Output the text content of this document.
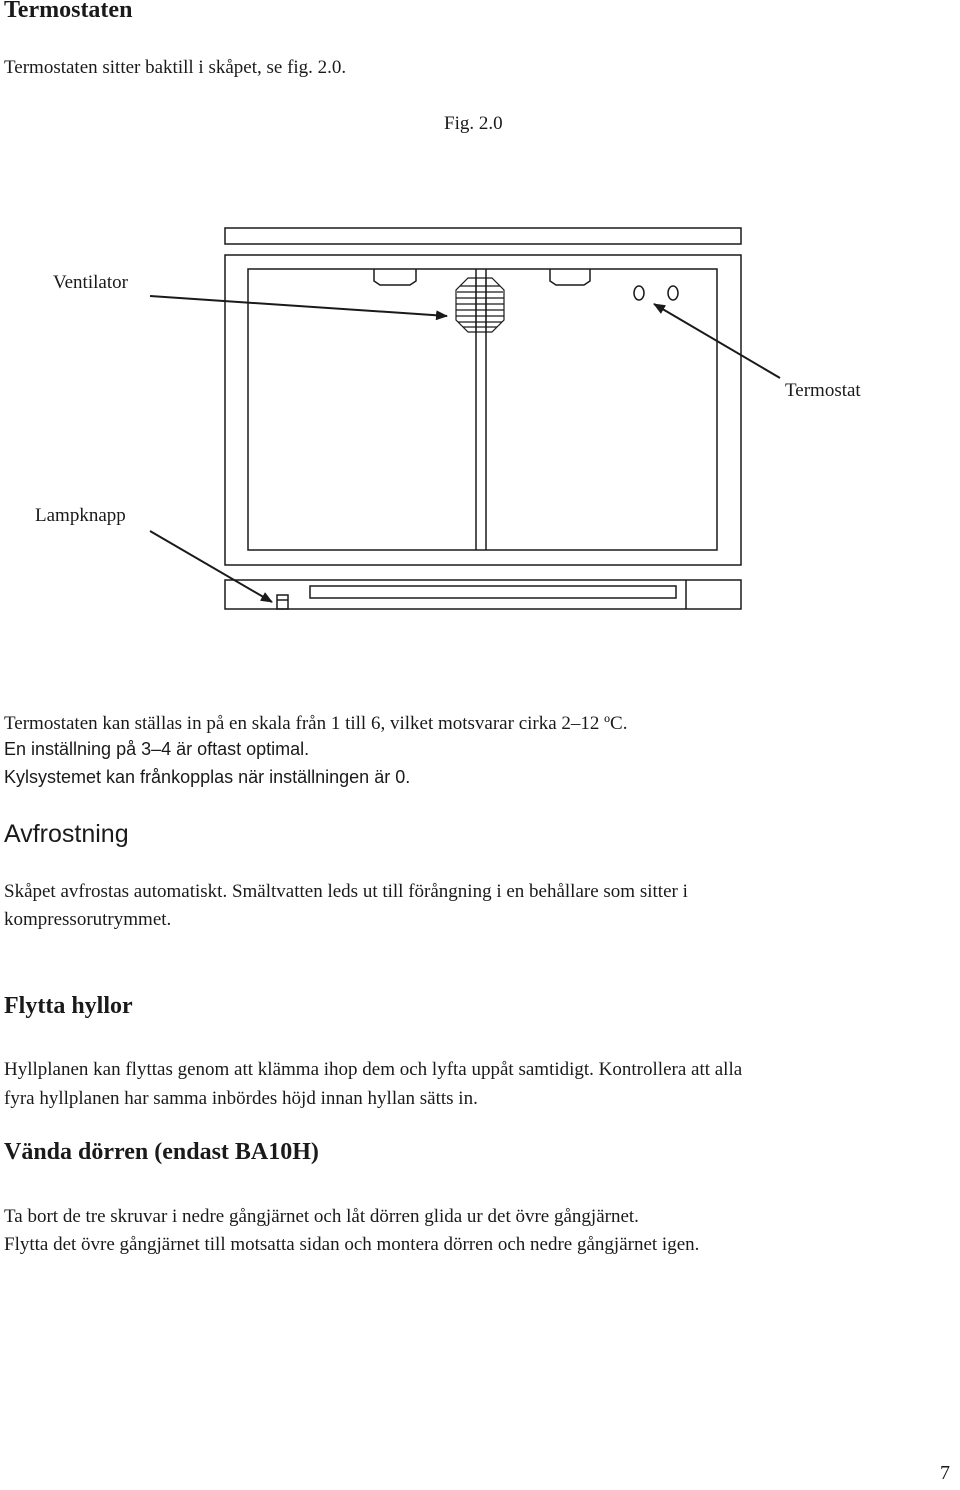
Termostaten
Termostaten sitter baktill i skåpet, se fig. 2.0.
Fig. 2.0
Ventilator
Termostat
Lampknapp
Termostaten kan ställas in på en skala från 1 till 6, vilket motsvarar cirka 2–12 ºC.
En inställning på 3–4 är oftast optimal.
Kylsystemet kan frånkopplas när inställningen är 0.
Avfrostning
Skåpet avfrostas automatiskt. Smältvatten leds ut till förångning i en behållare som sitter i
kompressorutrymmet.
Flytta hyllor
Hyllplanen kan flyttas genom att klämma ihop dem och lyfta uppåt samtidigt. Kontrollera att alla
fyra hyllplanen har samma inbördes höjd innan hyllan sätts in.
Vända dörren (endast BA10H)
Ta bort de tre skruvar i nedre gångjärnet och låt dörren glida ur det övre gångjärnet.
Flytta det övre gångjärnet till motsatta sidan och montera dörren och nedre gångjärnet igen.
7
